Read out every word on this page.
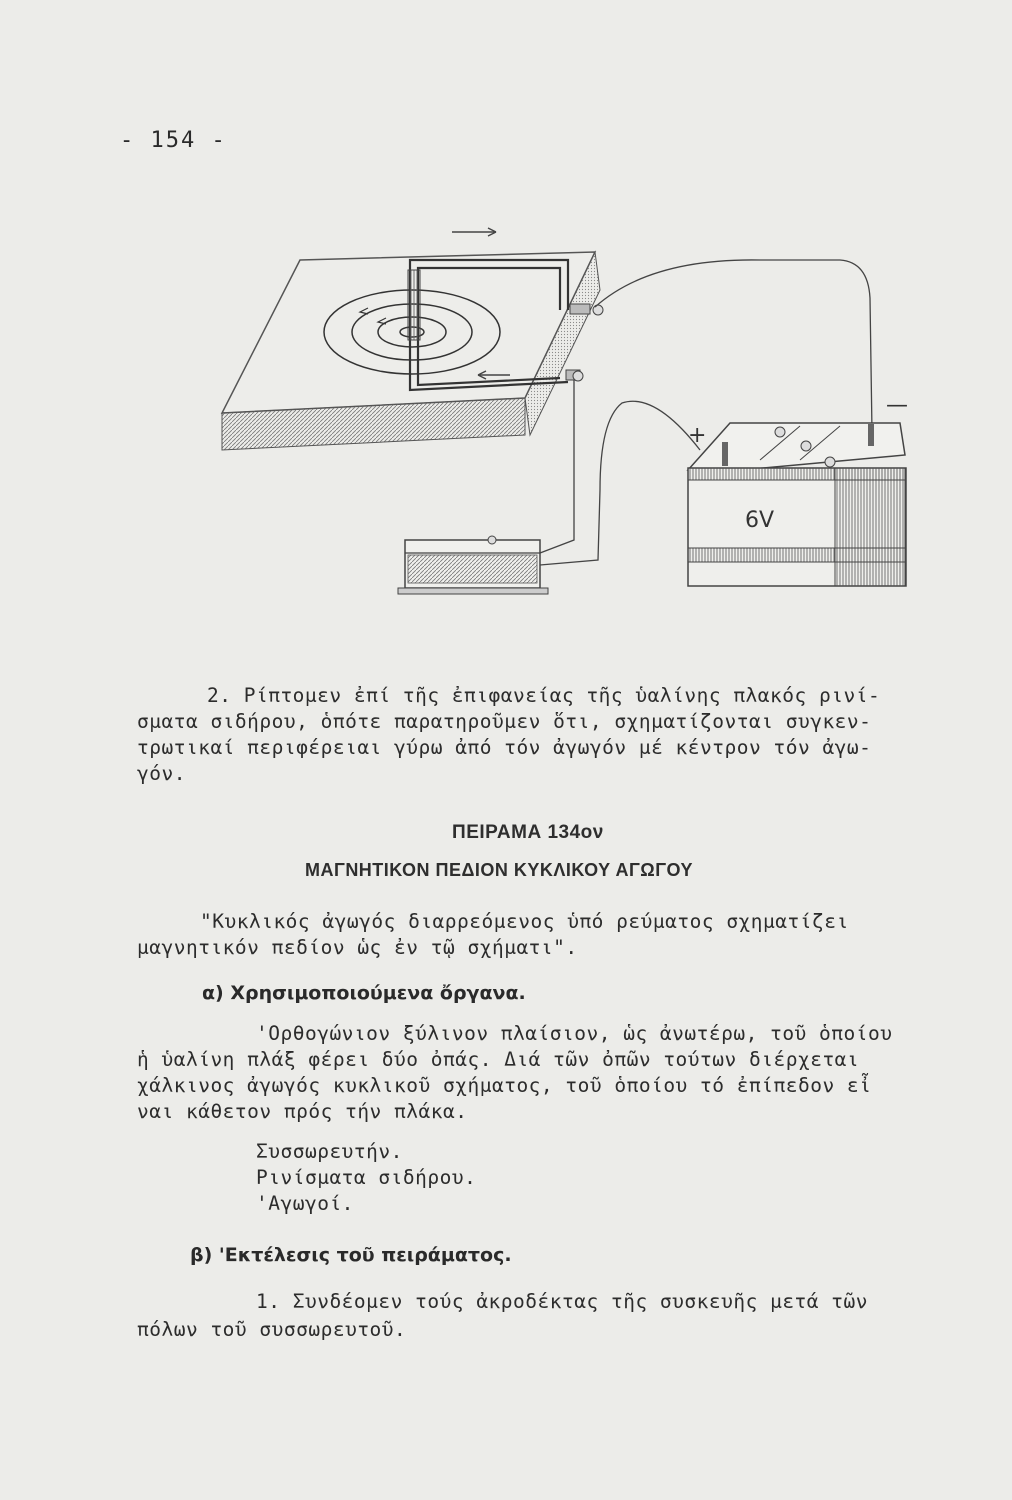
- 154 -
6V
+
—
2. Ρίπτομεν ἐπί τῆς ἐπιφανείας τῆς ὑαλίνης πλακός ρινί-
σματα σιδήρου, ὁπότε παρατηροῦμεν ὅτι, σχηματίζονται συγκεν-
τρωτικαί περιφέρειαι γύρω ἀπό τόν ἀγωγόν μέ κέντρον τόν ἀγω-
γόν.
ΠΕΙΡΑΜΑ 134ον
ΜΑΓΝΗΤΙΚΟΝ ΠΕΔΙΟΝ ΚΥΚΛΙΚΟΥ ΑΓΩΓΟΥ
"Κυκλικός ἀγωγός διαρρεόμενος ὑπό ρεύματος σχηματίζει
μαγνητικόν πεδίον ὡς ἐν τῷ σχήματι".
α) Χρησιμοποιούμενα ὄργανα.
'Ορθογώνιον ξύλινον πλαίσιον, ὡς ἀνωτέρω, τοῦ ὁποίου
ἡ ὑαλίνη πλάξ φέρει δύο ὀπάς. Διά τῶν ὀπῶν τούτων διέρχεται
χάλκινος ἀγωγός κυκλικοῦ σχήματος, τοῦ ὁποίου τό ἐπίπεδον εἶ
ναι κάθετον πρός τήν πλάκα.
Συσσωρευτήν.
Ρινίσματα σιδήρου.
'Αγωγοί.
β) 'Εκτέλεσις τοῦ πειράματος.
1. Συνδέομεν τούς ἀκροδέκτας τῆς συσκευῆς μετά τῶν
πόλων τοῦ συσσωρευτοῦ.
